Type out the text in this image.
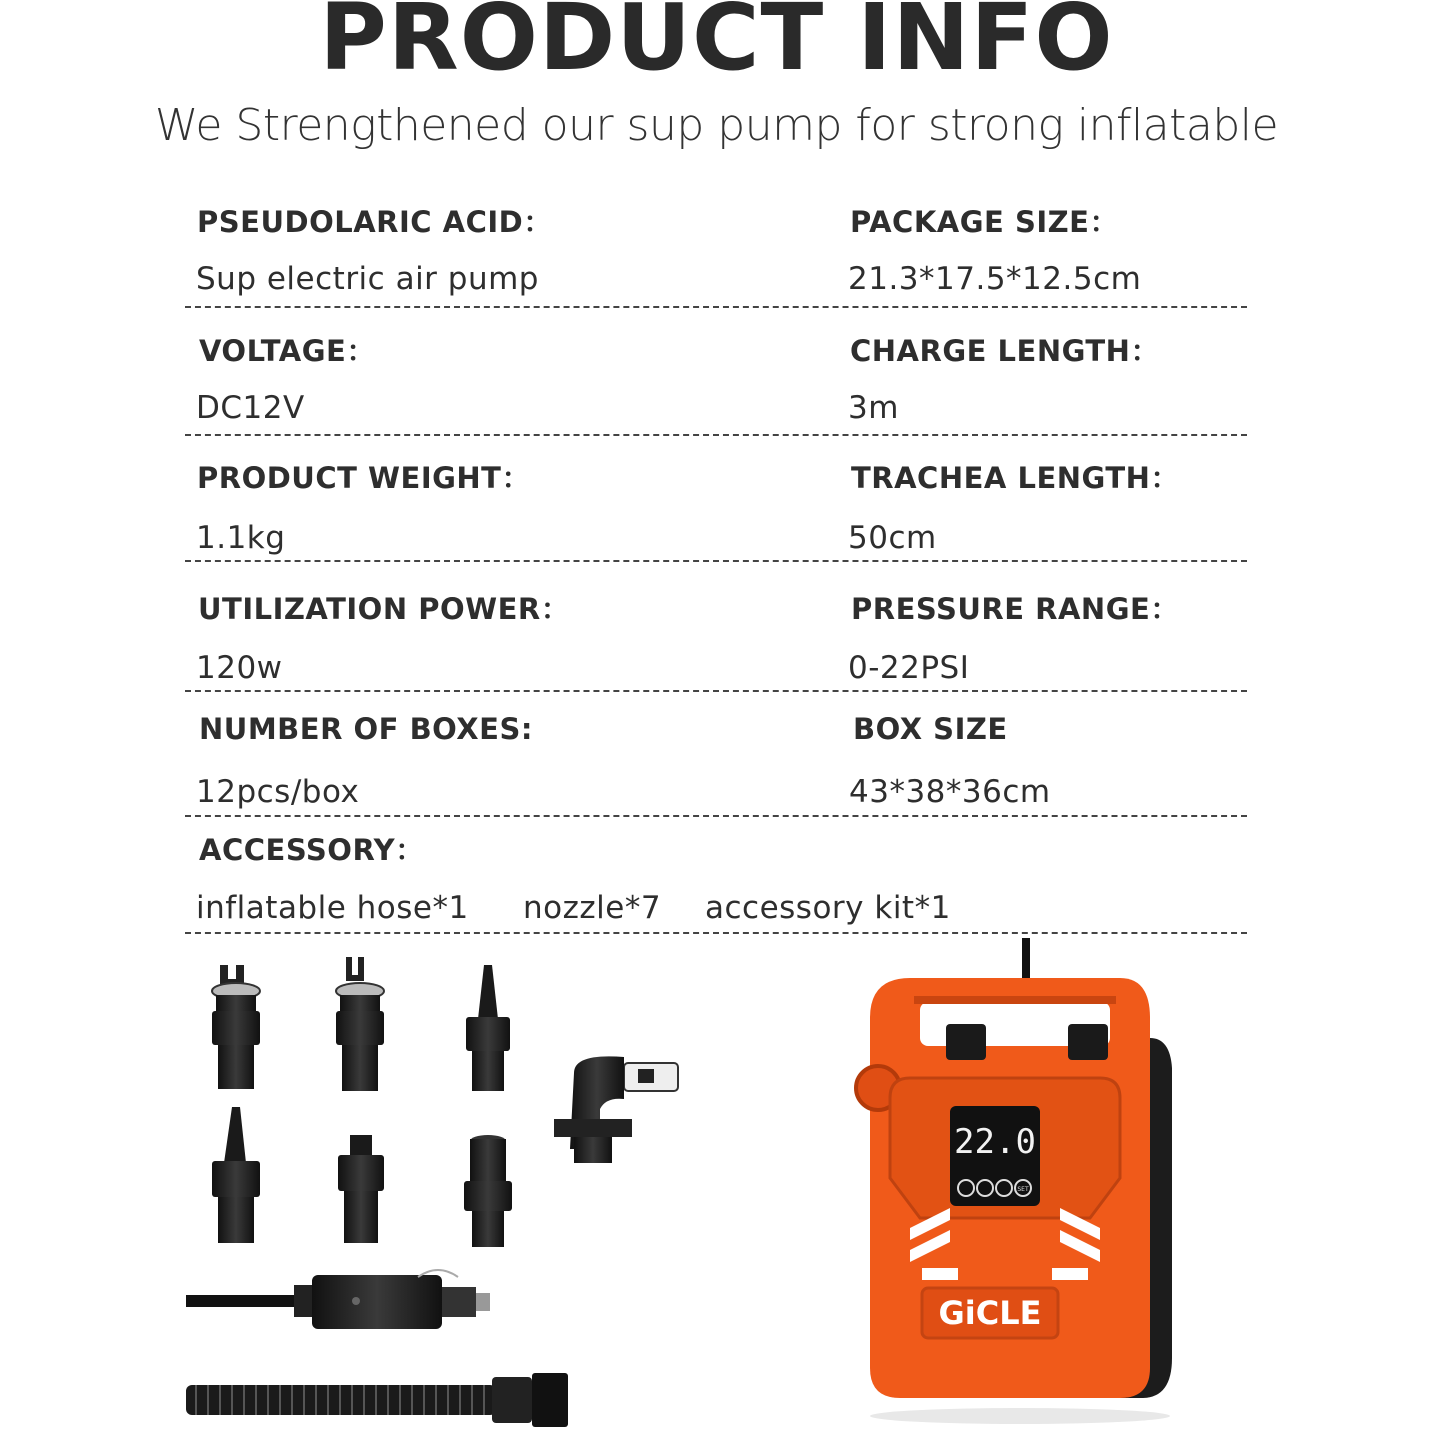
PRODUCT INFO
We Strengthened our sup pump for strong inflatable
PSEUDOLARIC ACID：
Sup electric air pump
PACKAGE SIZE：
21.3*17.5*12.5cm
VOLTAGE：
DC12V
CHARGE LENGTH：
3m
PRODUCT WEIGHT：
1.1kg
TRACHEA LENGTH：
50cm
UTILIZATION POWER：
120w
PRESSURE RANGE：
0-22PSI
NUMBER OF BOXES:
12pcs/box
BOX SIZE
43*38*36cm
ACCESSORY：
inflatable hose*1 nozzle*7 accessory kit*1
22.0
SET
GiCLE
